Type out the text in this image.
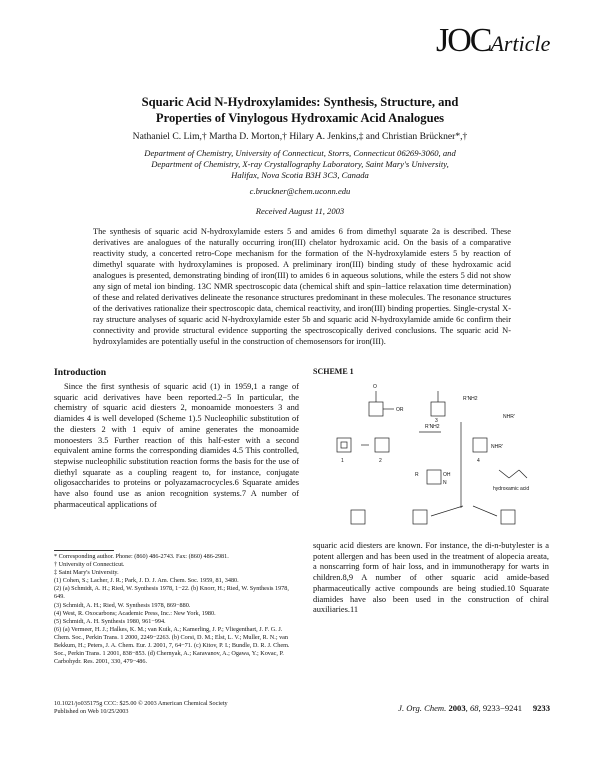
JOCArticle
Squaric Acid N-Hydroxylamides: Synthesis, Structure, and
Properties of Vinylogous Hydroxamic Acid Analogues
Nathaniel C. Lim,† Martha D. Morton,† Hilary A. Jenkins,‡ and Christian Brückner*,†
Department of Chemistry, University of Connecticut, Storrs, Connecticut 06269-3060, and
Department of Chemistry, X-ray Crystallography Laboratory, Saint Mary's University,
Halifax, Nova Scotia B3H 3C3, Canada
c.bruckner@chem.uconn.edu
Received August 11, 2003
The synthesis of squaric acid N-hydroxylamide esters 5 and amides 6 from dimethyl squarate 2a is described. These derivatives are analogues of the naturally occurring iron(III) chelator hydroxamic acid. On the basis of a comparative reactivity study, a concerted retro-Cope mechanism for the formation of the N-hydroxylamide esters 5 by reaction of dimethyl squarate with hydroxylamines is proposed. A preliminary iron(III) binding study of these hydroxamic acid analogues is presented, demonstrating binding of iron(III) to amides 6 in aqueous solutions, while the esters 5 did not show any sign of metal ion binding. 13C NMR spectroscopic data (chemical shift and spin−lattice relaxation time determination) of these and related derivatives delineate the resonance structures predominant in these molecules. The resonance structures of the derivatives rationalize their spectroscopic data, chemical reactivity, and iron(III) binding properties. Single-crystal X-ray structure analyses of squaric acid N-hydroxylamide ester 5b and squaric acid N-hydroxylamide amide 6c confirm their connectivity and provide structural evidence supporting the spectroscopically derived conclusions. The squaric acid N-hydroxylamides are potentially useful in the construction of chemosensors for iron(III).
Introduction
Since the first synthesis of squaric acid (1) in 1959,1 a range of squaric acid derivatives have been reported.2−5 In particular, the chemistry of squaric acid diesters 2, monoamide monoesters 3 and diamides 4 is well developed (Scheme 1).5 Nucleophilic substitution of the diesters 2 with 1 equiv of amine generates the monoamide monoesters 3.5 Further reaction of this half-ester with a second equivalent amine forms the corresponding diamides 4.5 This controlled, stepwise nucleophilic substitution reaction forms the basis for the use of diethyl squarate as a coupling reagent to, for instance, conjugate oligosaccharides to proteins or polyazamacrocycles.6 Squarate amides have also found use as anion recognition systems.7 A number of pharmaceutical applications of

* Corresponding author. Phone: (860) 486-2743. Fax: (860) 486-2981.

† University of Connecticut.

‡ Saint Mary's University.

(1) Cohen, S.; Lacher, J. R.; Park, J. D. J. Am. Chem. Soc. 1959, 81, 3480.

(2) (a) Schmidt, A. H.; Ried, W. Synthesis 1978, 1−22. (b) Knorr, H.; Ried, W. Synthesis 1978, 649.

(3) Schmidt, A. H.; Ried, W. Synthesis 1978, 869−880.

(4) West, R. Oxocarbons; Academic Press, Inc.: New York, 1980.

(5) Schmidt, A. H. Synthesis 1980, 961−994.

(6) (a) Vermeer, H. J.; Halkes, K. M.; van Kuik, A.; Kamerling, J. P.; Vliegenthart, J. F. G. J. Chem. Soc., Perkin Trans. 1 2000, 2249−2263. (b) Corsi, D. M.; Elst, L. V.; Muller, R. N.; van Bekkum, H.; Peters, J. A. Chem. Eur. J. 2001, 7, 64−71. (c) Kitov, P. I.; Bundle, D. R. J. Chem. Soc., Perkin Trans. 1 2001, 838−853. (d) Chernyak, A.; Karavanov, A.; Ogawa, Y.; Kovac, P. Carbohydr. Res. 2001, 330, 479−486.

SCHEME 1
O
OR
R'NH2
NHR'
R'NH2
NHR'
hydroxamic acid
OH
N
R
1	2
3
4
squaric acid diesters are known. For instance, the di-n-butylester is a potent allergen and has been used in the treatment of alopecia areata, a nonscarring form of hair loss, and in immunotherapy for warts in children.8,9 A number of other squaric acid amide-based pharmaceutically active compounds are being studied.10 Squarate diamides have also been used in the construction of chiral auxiliaries.11
10.1021/jo035175g CCC: $25.00 © 2003 American Chemical Society
Published on Web 10/25/2003	J. Org. Chem. 2003, 68, 9233−9241 9233
